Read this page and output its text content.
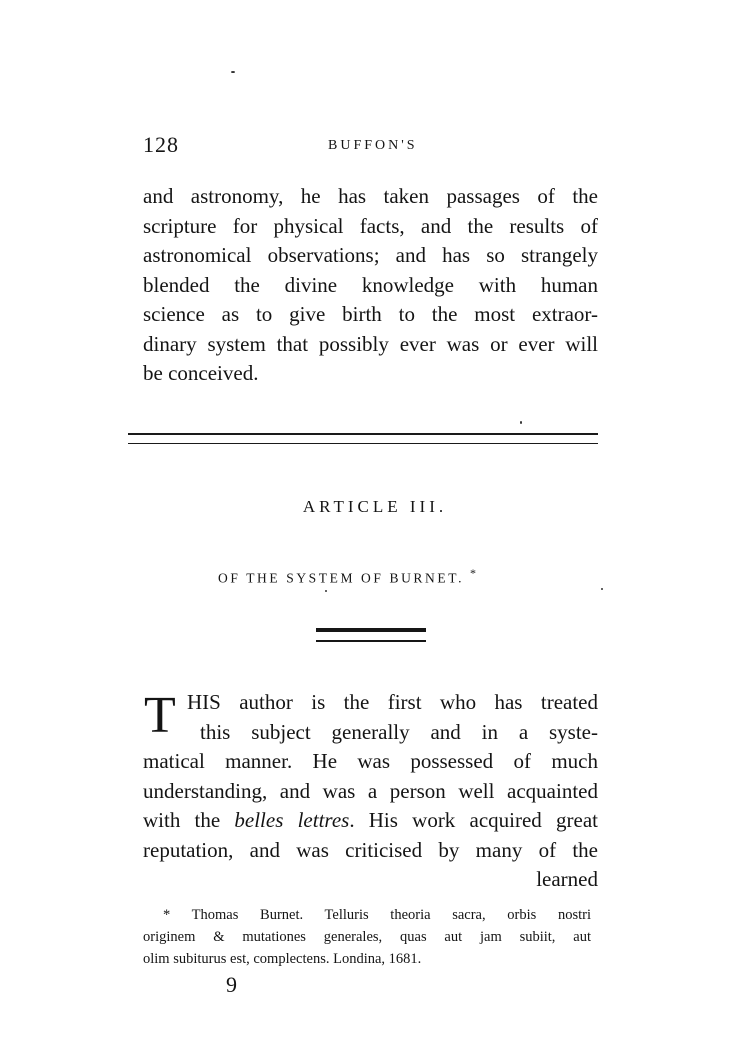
128	BUFFON'S
and astronomy, he has taken passages of the
scripture for physical facts, and the results of
astronomical observations; and has so strangely
blended the divine knowledge with human
science as to give birth to the most extraor-
dinary system that possibly ever was or ever will
be conceived.
ARTICLE III.
OF THE SYSTEM OF BURNET. *
T HIS author is the first who has treated
this subject generally and in a syste-
matical manner. He was possessed of much
understanding, and was a person well acquainted
with the belles lettres. His work acquired great
reputation, and was criticised by many of the
learned
* Thomas Burnet. Telluris theoria sacra, orbis nostri
originem & mutationes generales, quas aut jam subiit, aut
olim subiturus est, complectens. Londina, 1681.
9
